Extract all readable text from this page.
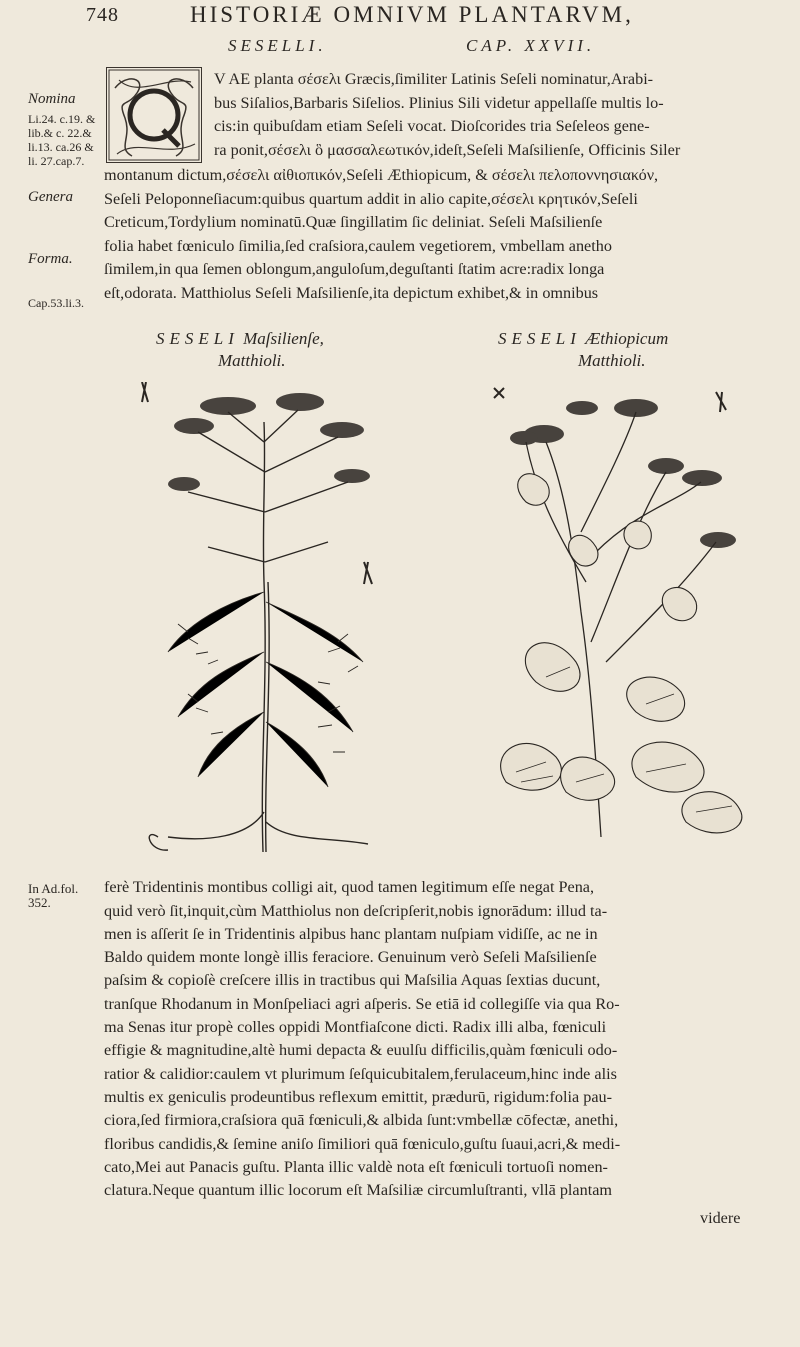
748	HISTORIÆ OMNIVM PLANTARVM,
SESELLI.	CAP. XXVII.
Nomina
Li.24. c.19. & lib.& c. 22.& li.13. ca.26 & li. 27.cap.7.
Genera
Forma.
Cap.53.li.3.
In Ad.fol. 352.
V AE planta σέσελι Græcis,ſimiliter Latinis Seſeli nominatur,Arabi-
bus Siſalios,Barbaris Siſelios. Plinius Sili videtur appellaſſe multis lo-
cis:in quibuſdam etiam Seſeli vocat. Dioſcorides tria Seſeleos gene-
ra ponit,σέσελι ὃ μασσαλεωτικόν,ideſt,Seſeli Maſsilienſe, Officinis Siler
montanum dictum,σέσελι αἰθιοπικόν,Seſeli Æthiopicum, & σέσελι πελοποννησιακόν,
Seſeli Peloponneſiacum:quibus quartum addit in alio capite,σέσελι κρητικόν,Seſeli
Creticum,Tordylium nominatū.Quæ ſingillatim ſic deliniat. Seſeli Maſsilienſe
folia habet fœniculo ſimilia,ſed craſsiora,caulem vegetiorem, vmbellam anetho
ſimilem,in qua ſemen oblongum,anguloſum,deguſtanti ſtatim acre:radix longa
eſt,odorata. Matthiolus Seſeli Maſsilienſe,ita depictum exhibet,& in omnibus
SESELI Maſsilienſe,
Matthioli.
SESELI Æthiopicum
Matthioli.
ferè Tridentinis montibus colligi ait, quod tamen legitimum eſſe negat Pena,
quid verò ſit,inquit,cùm Matthiolus non deſcripſerit,nobis ignorādum: illud ta-
men is aſſerit ſe in Tridentinis alpibus hanc plantam nuſpiam vidiſſe, ac ne in
Baldo quidem monte longè illis feraciore. Genuinum verò Seſeli Maſsilienſe
paſsim & copioſè creſcere illis in tractibus qui Maſsilia Aquas ſextias ducunt,
tranſque Rhodanum in Monſpeliaci agri aſperis. Se etiā id collegiſſe via qua Ro-
ma Senas itur propè colles oppidi Montfiaſcone dicti. Radix illi alba, fœniculi
effigie & magnitudine,altè humi depacta & euulſu difficilis,quàm fœniculi odo-
ratior & calidior:caulem vt plurimum ſeſquicubitalem,ferulaceum,hinc inde alis
multis ex geniculis prodeuntibus reflexum emittit, prædurū, rigidum:folia pau-
ciora,ſed firmiora,craſsiora quā fœniculi,& albida ſunt:vmbellæ cōfectæ, anethi,
floribus candidis,& ſemine aniſo ſimiliori quā fœniculo,guſtu ſuaui,acri,& medi-
cato,Mei aut Panacis guſtu. Planta illic valdè nota eſt fœniculi tortuoſi nomen-
clatura.Neque quantum illic locorum eſt Maſsiliæ circumluſtranti, vllā plantam
videre
